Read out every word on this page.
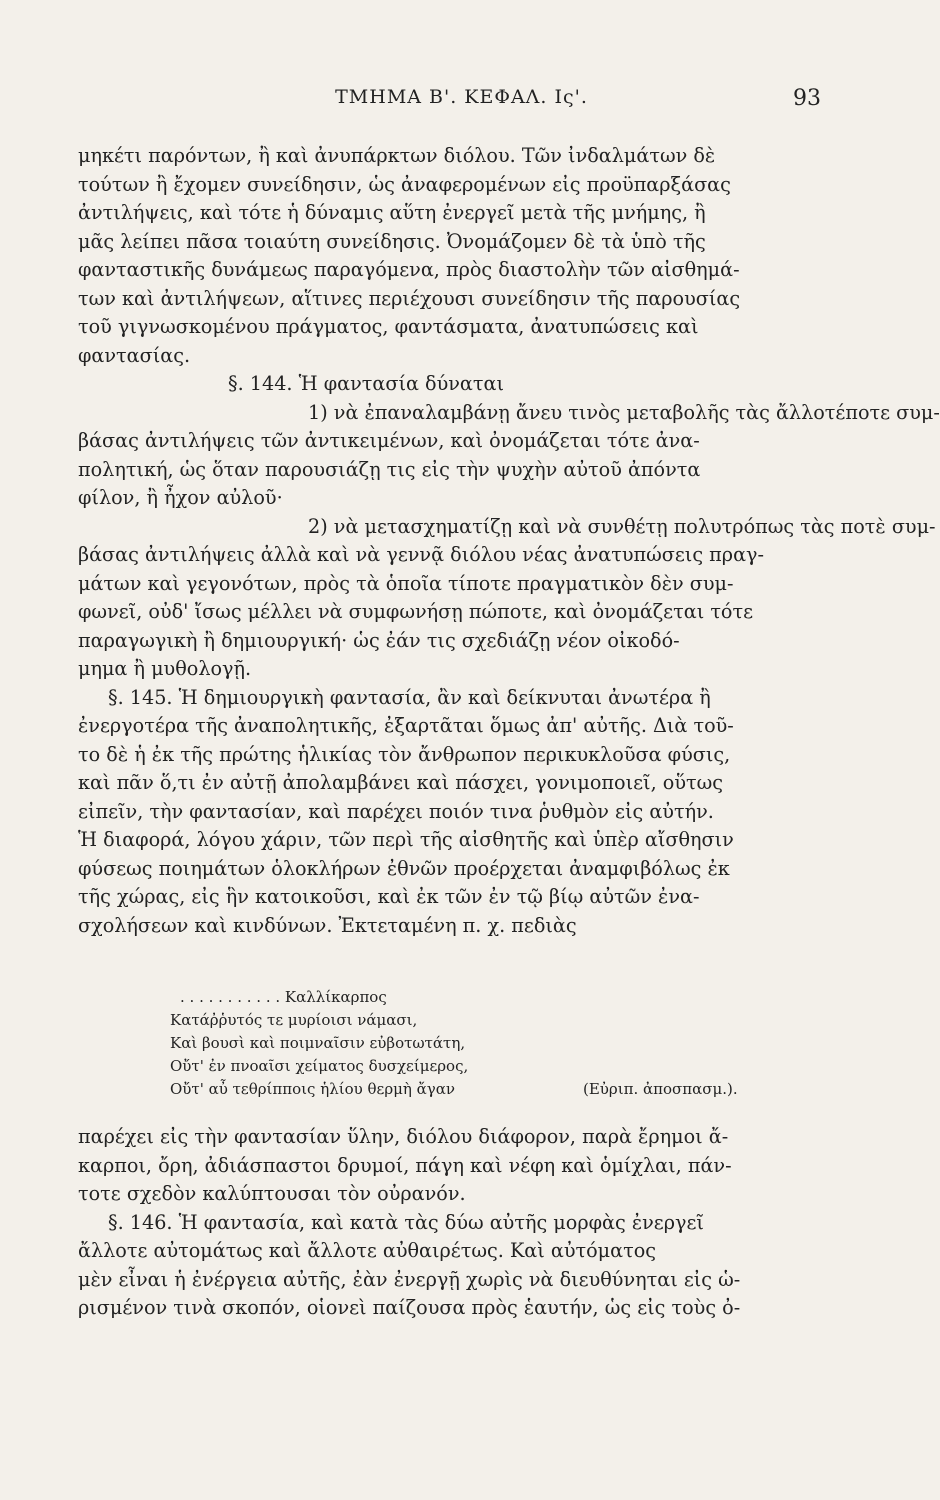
ΤΜΗΜΑ Β'. ΚΕΦΑΛ. Ις'.	93
μηκέτι παρόντων, ἢ καὶ ἀνυπάρκτων διόλου. Τῶν ἰνδαλμάτων δὲ
τούτων ἢ ἔχομεν συνείδησιν, ὡς ἀναφερομένων εἰς προϋπαρξάσας
ἀντιλήψεις, καὶ τότε ἡ δύναμις αὕτη ἐνεργεῖ μετὰ τῆς μνήμης, ἢ
μᾶς λείπει πᾶσα τοιαύτη συνείδησις. Ὀνομάζομεν δὲ τὰ ὑπὸ τῆς
φανταστικῆς δυνάμεως παραγόμενα, πρὸς διαστολὴν τῶν αἰσθημά-
των καὶ ἀντιλήψεων, αἵτινες περιέχουσι συνείδησιν τῆς παρουσίας
τοῦ γιγνωσκομένου πράγματος, φαντάσματα, ἀνατυπώσεις καὶ
φαντασίας.
§. 144. Ἡ φαντασία δύναται
1) νὰ ἐπαναλαμβάνῃ ἄνευ τινὸς μεταβολῆς τὰς ἄλλοτέποτε συμ-
βάσας ἀντιλήψεις τῶν ἀντικειμένων, καὶ ὀνομάζεται τότε ἀνα-
πολητική, ὡς ὅταν παρουσιάζῃ τις εἰς τὴν ψυχὴν αὐτοῦ ἀπόντα
φίλον, ἢ ἦχον αὐλοῦ·
2) νὰ μετασχηματίζῃ καὶ νὰ συνθέτῃ πολυτρόπως τὰς ποτὲ συμ-
βάσας ἀντιλήψεις ἀλλὰ καὶ νὰ γεννᾷ διόλου νέας ἀνατυπώσεις πραγ-
μάτων καὶ γεγονότων, πρὸς τὰ ὁποῖα τίποτε πραγματικὸν δὲν συμ-
φωνεῖ, οὐδ' ἴσως μέλλει νὰ συμφωνήσῃ πώποτε, καὶ ὀνομάζεται τότε
παραγωγικὴ ἢ δημιουργική· ὡς ἐάν τις σχεδιάζῃ νέον οἰκοδό-
μημα ἢ μυθολογῇ.
§. 145. Ἡ δημιουργικὴ φαντασία, ἂν καὶ δείκνυται ἀνωτέρα ἢ
ἐνεργοτέρα τῆς ἀναπολητικῆς, ἐξαρτᾶται ὅμως ἀπ' αὐτῆς. Διὰ τοῦ-
το δὲ ἡ ἐκ τῆς πρώτης ἡλικίας τὸν ἄνθρωπον περικυκλοῦσα φύσις,
καὶ πᾶν ὅ,τι ἐν αὐτῇ ἀπολαμβάνει καὶ πάσχει, γονιμοποιεῖ, οὕτως
εἰπεῖν, τὴν φαντασίαν, καὶ παρέχει ποιόν τινα ῥυθμὸν εἰς αὐτήν.
Ἡ διαφορά, λόγου χάριν, τῶν περὶ τῆς αἰσθητῆς καὶ ὑπὲρ αἴσθησιν
φύσεως ποιημάτων ὁλοκλήρων ἐθνῶν προέρχεται ἀναμφιβόλως ἐκ
τῆς χώρας, εἰς ἣν κατοικοῦσι, καὶ ἐκ τῶν ἐν τῷ βίῳ αὐτῶν ἐνα-
σχολήσεων καὶ κινδύνων. Ἐκτεταμένη π. χ. πεδιὰς
. . . . . . . . . . . Καλλίκαρπος
Κατάῤῥυτός τε μυρίοισι νάμασι,
Καὶ βουσὶ καὶ ποιμναῖσιν εὐβοτωτάτη,
Οὔτ' ἐν πνοαῖσι χείματος δυσχείμερος,
Οὔτ' αὖ τεθρίπποις ἡλίου θερμὴ ἄγαν	(Εὐριπ. ἀποσπασμ.).
παρέχει εἰς τὴν φαντασίαν ὕλην, διόλου διάφορον, παρὰ ἔρημοι ἄ-
καρποι, ὄρη, ἀδιάσπαστοι δρυμοί, πάγη καὶ νέφη καὶ ὁμίχλαι, πάν-
τοτε σχεδὸν καλύπτουσαι τὸν οὐρανόν.
§. 146. Ἡ φαντασία, καὶ κατὰ τὰς δύω αὐτῆς μορφὰς ἐνεργεῖ
ἄλλοτε αὐτομάτως καὶ ἄλλοτε αὐθαιρέτως. Καὶ αὐτόματος
μὲν εἶναι ἡ ἐνέργεια αὐτῆς, ἐὰν ἐνεργῇ χωρὶς νὰ διευθύνηται εἰς ὡ-
ρισμένον τινὰ σκοπόν, οἱονεὶ παίζουσα πρὸς ἑαυτήν, ὡς εἰς τοὺς ὀ-
